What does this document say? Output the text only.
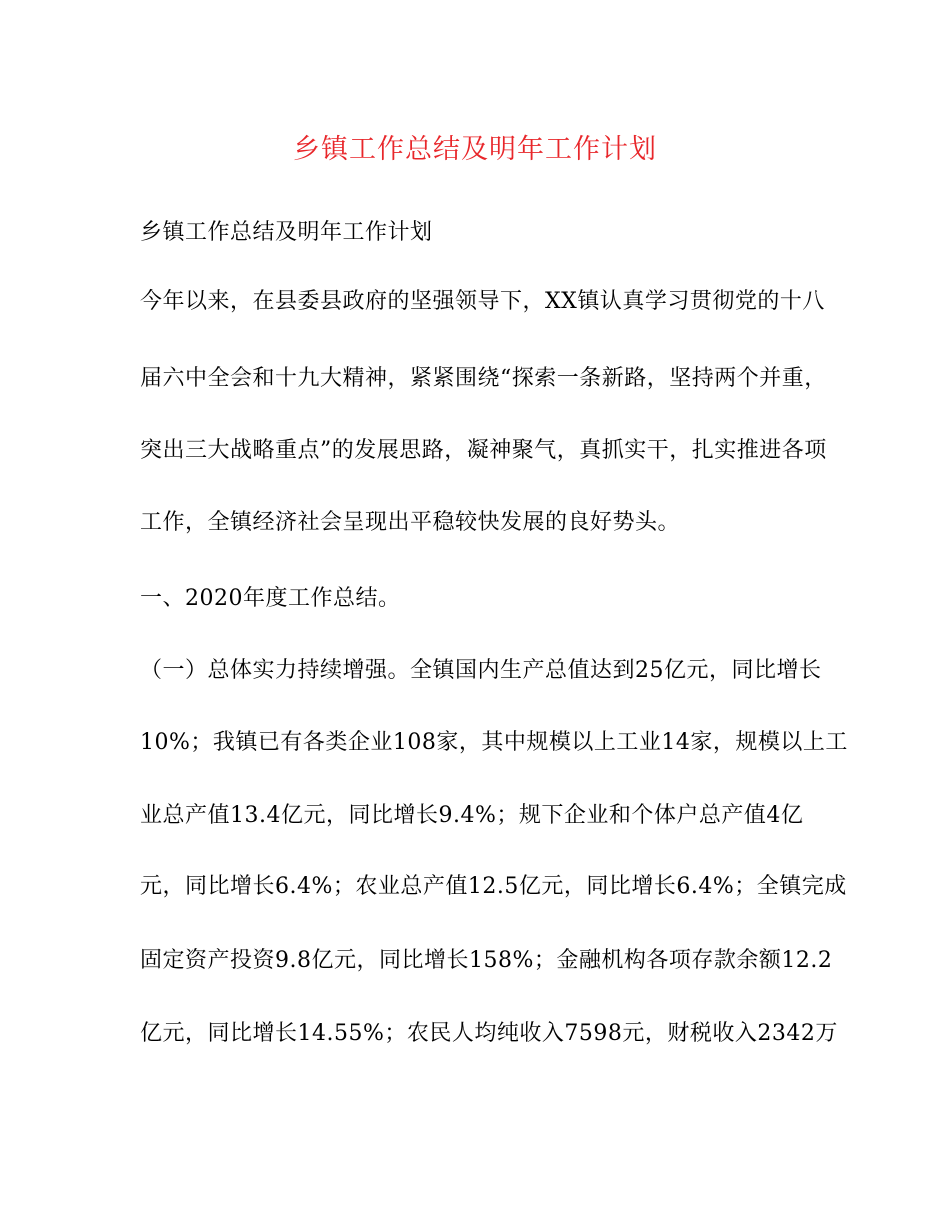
乡镇工作总结及明年工作计划
乡镇工作总结及明年工作计划
今年以来，在县委县政府的坚强领导下，XX镇认真学习贯彻党的十八
届六中全会和十九大精神，紧紧围绕“探索一条新路，坚持两个并重，
突出三大战略重点”的发展思路，凝神聚气，真抓实干，扎实推进各项
工作，全镇经济社会呈现出平稳较快发展的良好势头。
一、2020年度工作总结。
（一）总体实力持续增强。全镇国内生产总值达到25亿元，同比增长
10%；我镇已有各类企业108家，其中规模以上工业14家，规模以上工
业总产值13.4亿元，同比增长9.4%；规下企业和个体户总产值4亿
元，同比增长6.4%；农业总产值12.5亿元，同比增长6.4%；全镇完成
固定资产投资9.8亿元，同比增长158%；金融机构各项存款余额12.2
亿元，同比增长14.55%；农民人均纯收入7598元，财税收入2342万
